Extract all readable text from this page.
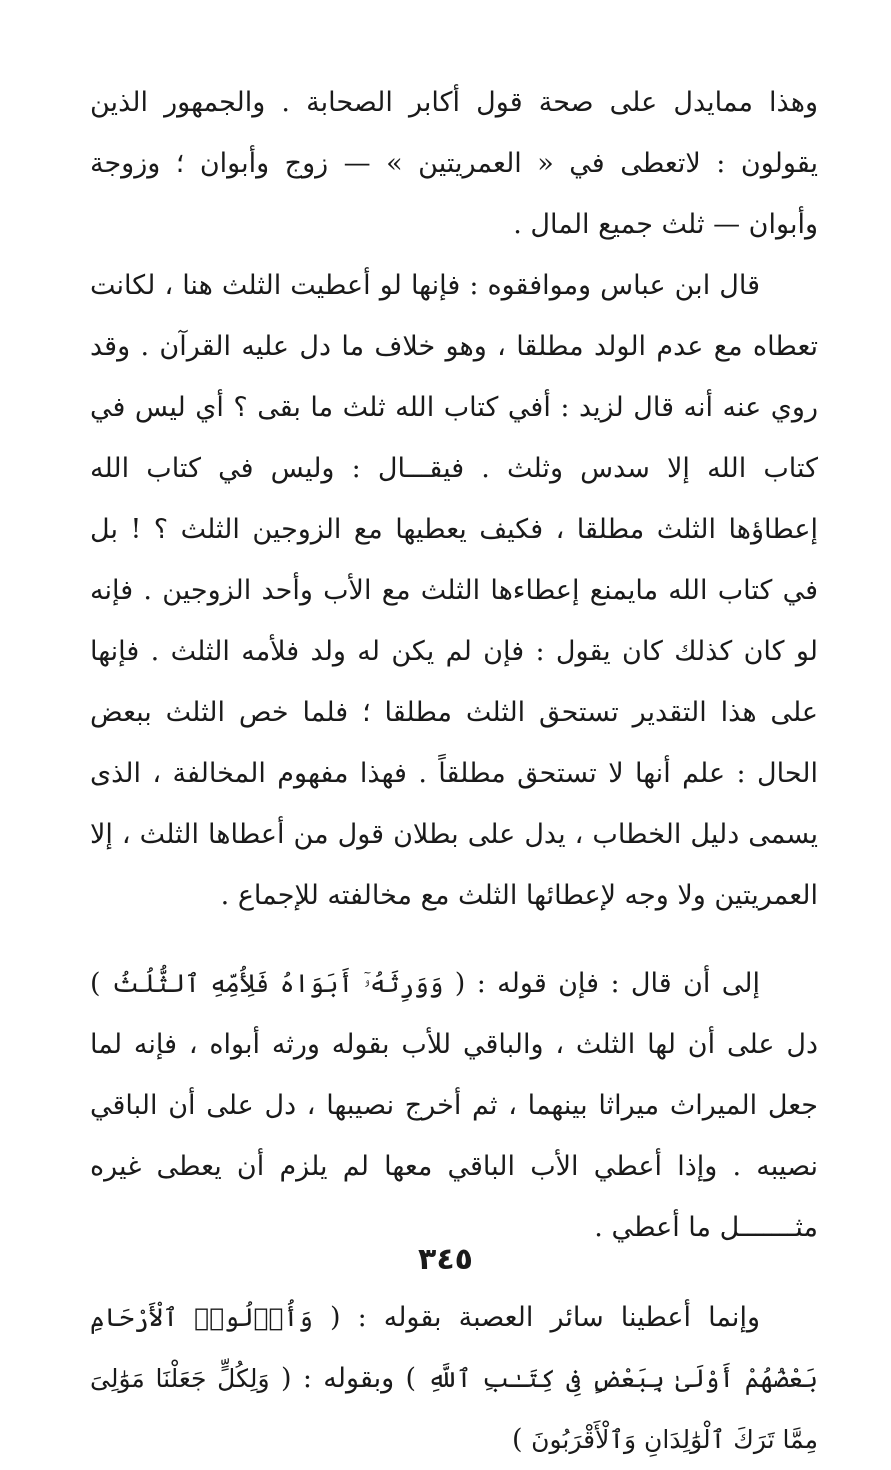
وهذا ممايدل على صحة قول أكابر الصحابة . والجمهور الذين يقولون : لاتعطى في « العمريتين » — زوج وأبوان ؛ وزوجة وأبوان — ثلث جميع المال .

قال ابن عباس وموافقوه : فإنها لو أعطيت الثلث هنا ، لكانت تعطاه مع عدم الولد مطلقا ، وهو خلاف ما دل عليه القرآن . وقد روي عنه أنه قال لزيد : أفي كتاب الله ثلث ما بقى ؟ أي ليس في كتاب الله إلا سدس وثلث . فيقـــال : وليس في كتاب الله إعطاؤها الثلث مطلقا ، فكيف يعطيها مع الزوجين الثلث ؟ ! بل في كتاب الله مايمنع إعطاءها الثلث مع الأب وأحد الزوجين . فإنه لو كان كذلك كان يقول : فإن لم يكن له ولد فلأمه الثلث . فإنها على هذا التقدير تستحق الثلث مطلقا ؛ فلما خص الثلث ببعض الحال : علم أنها لا تستحق مطلقاً . فهذا مفهوم المخالفة ، الذى يسمى دليل الخطاب ، يدل على بطلان قول من أعطاها الثلث ، إلا العمريتين ولا وجه لإعطائها الثلث مع مخالفته للإجماع .

إلى أن قال : فإن قوله : ( وَوَرِثَهُۥٓ أَبَوَاهُ فَلِأُمِّهِ ٱلثُّلُثُ ) دل على أن لها الثلث ، والباقي للأب بقوله ورثه أبواه ، فإنه لما جعل الميراث ميراثا بينهما ، ثم أخرج نصيبها ، دل على أن الباقي نصيبه . وإذا أعطي الأب الباقي معها لم يلزم أن يعطى غيره مثـــــــل ما أعطي .

وإنما أعطينا سائر العصبة بقوله : ( وَأُو۟لُوا۟ ٱلْأَرْحَامِ بَعْضُهُمْ أَوْلَىٰ بِبَعْضٍ فِى كِتَـٰبِ ٱللَّهِ ) وبقوله : ( وَلِكُلٍّ جَعَلْنَا مَوَٰلِىَ مِمَّا تَرَكَ ٱلْوَٰلِدَانِ وَٱلْأَقْرَبُونَ )

٣٤٥
